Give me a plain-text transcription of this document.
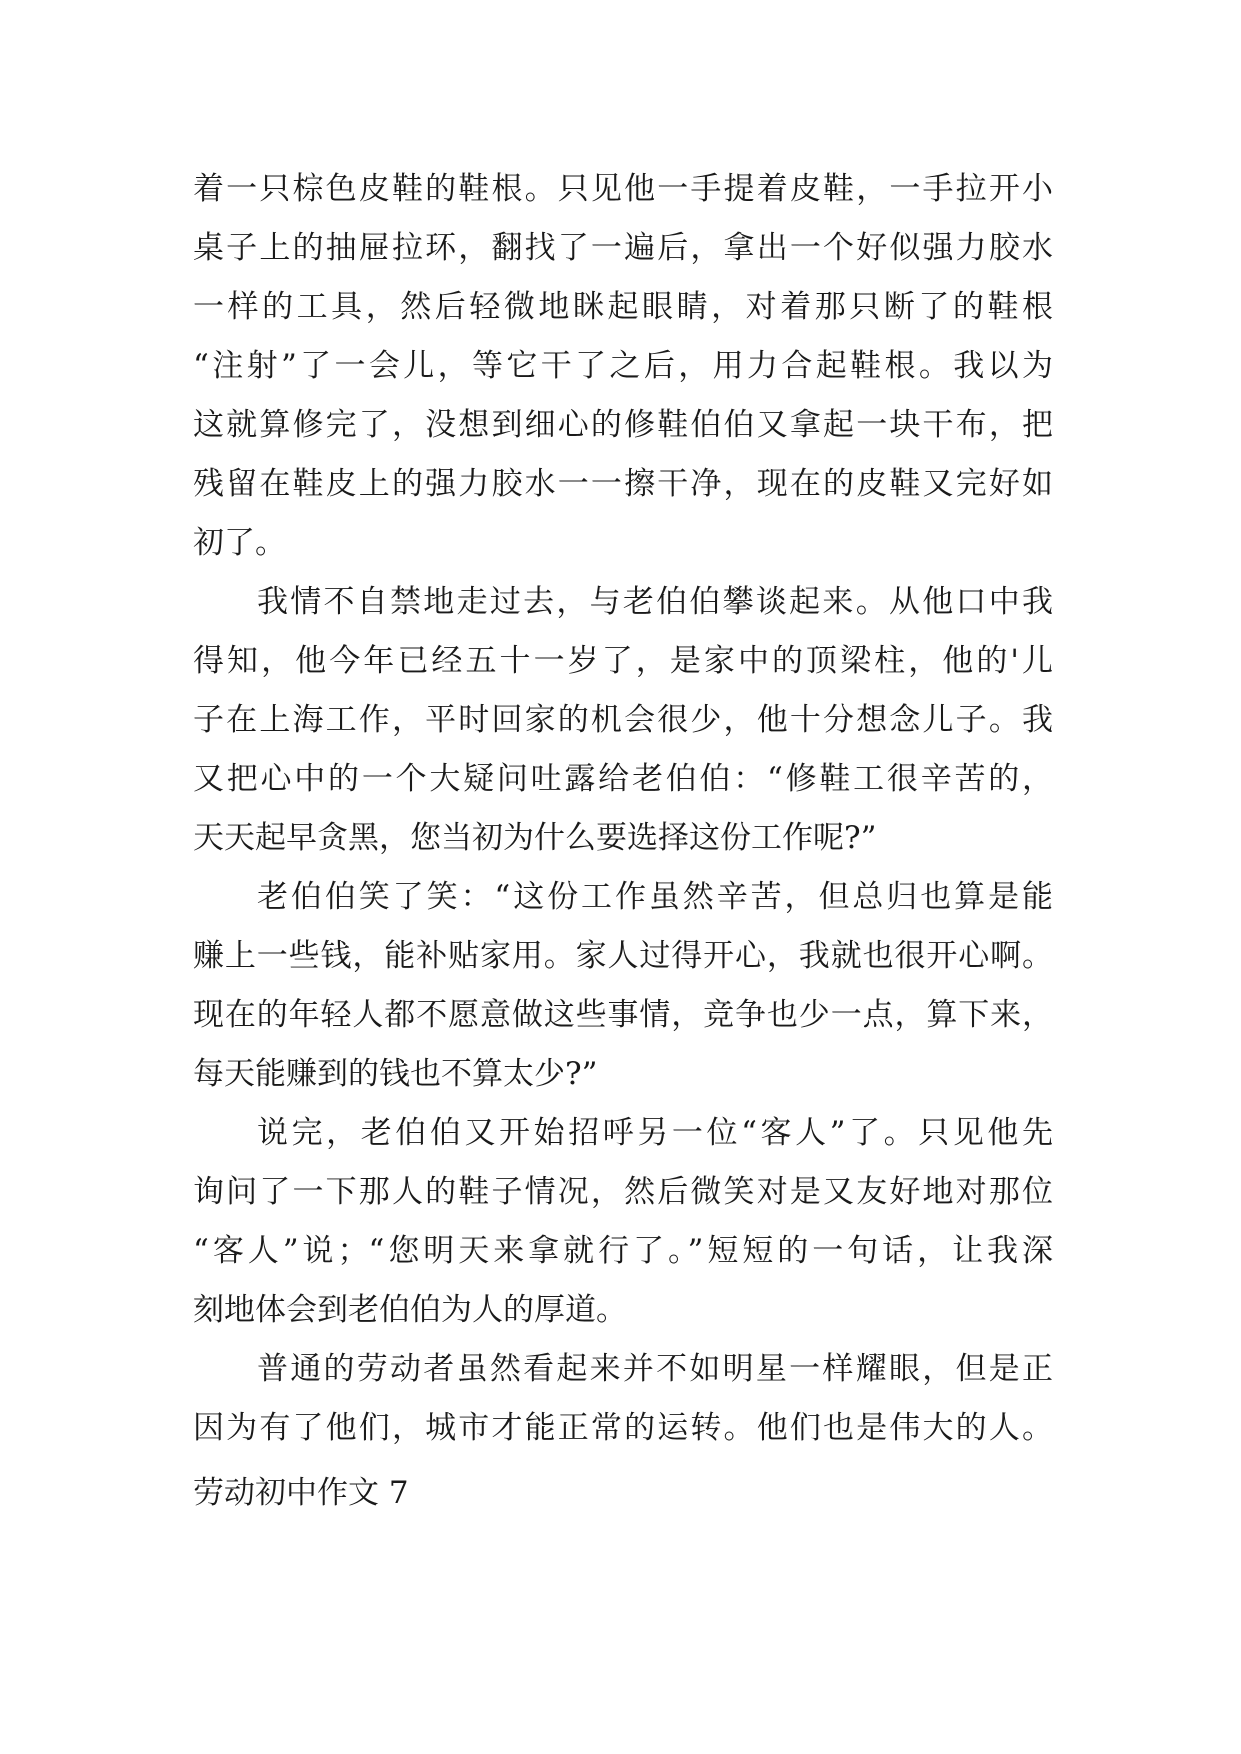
着一只棕色皮鞋的鞋根。只见他一手提着皮鞋，一手拉开小
桌子上的抽屉拉环，翻找了一遍后，拿出一个好似强力胶水
一样的工具，然后轻微地眯起眼睛，对着那只断了的鞋根
“注射”了一会儿，等它干了之后，用力合起鞋根。我以为
这就算修完了，没想到细心的修鞋伯伯又拿起一块干布，把
残留在鞋皮上的强力胶水一一擦干净，现在的皮鞋又完好如
初了。
我情不自禁地走过去，与老伯伯攀谈起来。从他口中我
得知，他今年已经五十一岁了，是家中的顶梁柱，他的'儿
子在上海工作，平时回家的机会很少，他十分想念儿子。我
又把心中的一个大疑问吐露给老伯伯：“修鞋工很辛苦的，
天天起早贪黑，您当初为什么要选择这份工作呢?”
老伯伯笑了笑：“这份工作虽然辛苦，但总归也算是能
赚上一些钱，能补贴家用。家人过得开心，我就也很开心啊。
现在的年轻人都不愿意做这些事情，竞争也少一点，算下来，
每天能赚到的钱也不算太少?”
说完，老伯伯又开始招呼另一位“客人”了。只见他先
询问了一下那人的鞋子情况，然后微笑对是又友好地对那位
“客人”说；“您明天来拿就行了。”短短的一句话，让我深
刻地体会到老伯伯为人的厚道。
普通的劳动者虽然看起来并不如明星一样耀眼，但是正
因为有了他们，城市才能正常的运转。他们也是伟大的人。
劳动初中作文 7
